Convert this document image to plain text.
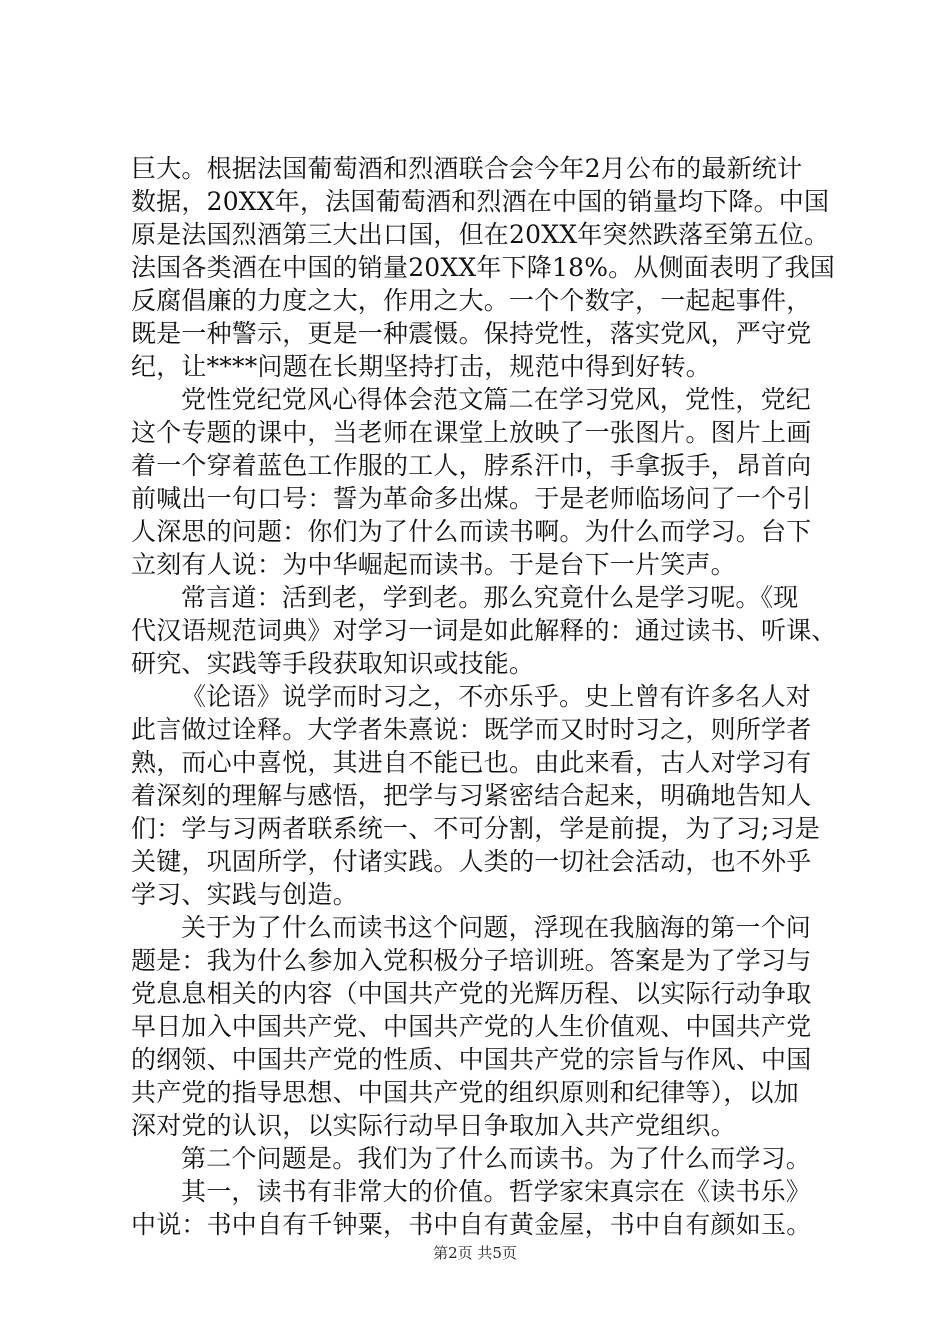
巨大。根据法国葡萄酒和烈酒联合会今年2月公布的最新统计
数据，20XX年，法国葡萄酒和烈酒在中国的销量均下降。中国
原是法国烈酒第三大出口国，但在20XX年突然跌落至第五位。
法国各类酒在中国的销量20XX年下降18%。从侧面表明了我国
反腐倡廉的力度之大，作用之大。一个个数字，一起起事件，
既是一种警示，更是一种震慑。保持党性，落实党风，严守党
纪，让****问题在长期坚持打击，规范中得到好转。
党性党纪党风心得体会范文篇二在学习党风，党性，党纪
这个专题的课中，当老师在课堂上放映了一张图片。图片上画
着一个穿着蓝色工作服的工人，脖系汗巾，手拿扳手，昂首向
前喊出一句口号：誓为革命多出煤。于是老师临场问了一个引
人深思的问题：你们为了什么而读书啊。为什么而学习。台下
立刻有人说：为中华崛起而读书。于是台下一片笑声。
常言道：活到老，学到老。那么究竟什么是学习呢。《现
代汉语规范词典》对学习一词是如此解释的：通过读书、听课、
研究、实践等手段获取知识或技能。
《论语》说学而时习之，不亦乐乎。史上曾有许多名人对
此言做过诠释。大学者朱熹说：既学而又时时习之，则所学者
熟，而心中喜悦，其进自不能已也。由此来看，古人对学习有
着深刻的理解与感悟，把学与习紧密结合起来，明确地告知人
们：学与习两者联系统一、不可分割，学是前提，为了习;习是
关键，巩固所学，付诸实践。人类的一切社会活动，也不外乎
学习、实践与创造。
关于为了什么而读书这个问题，浮现在我脑海的第一个问
题是：我为什么参加入党积极分子培训班。答案是为了学习与
党息息相关的内容（中国共产党的光辉历程、以实际行动争取
早日加入中国共产党、中国共产党的人生价值观、中国共产党
的纲领、中国共产党的性质、中国共产党的宗旨与作风、中国
共产党的指导思想、中国共产党的组织原则和纪律等），以加
深对党的认识，以实际行动早日争取加入共产党组织。
第二个问题是。我们为了什么而读书。为了什么而学习。
其一，读书有非常大的价值。哲学家宋真宗在《读书乐》
中说：书中自有千钟粟，书中自有黄金屋，书中自有颜如玉。
第2页 共5页
